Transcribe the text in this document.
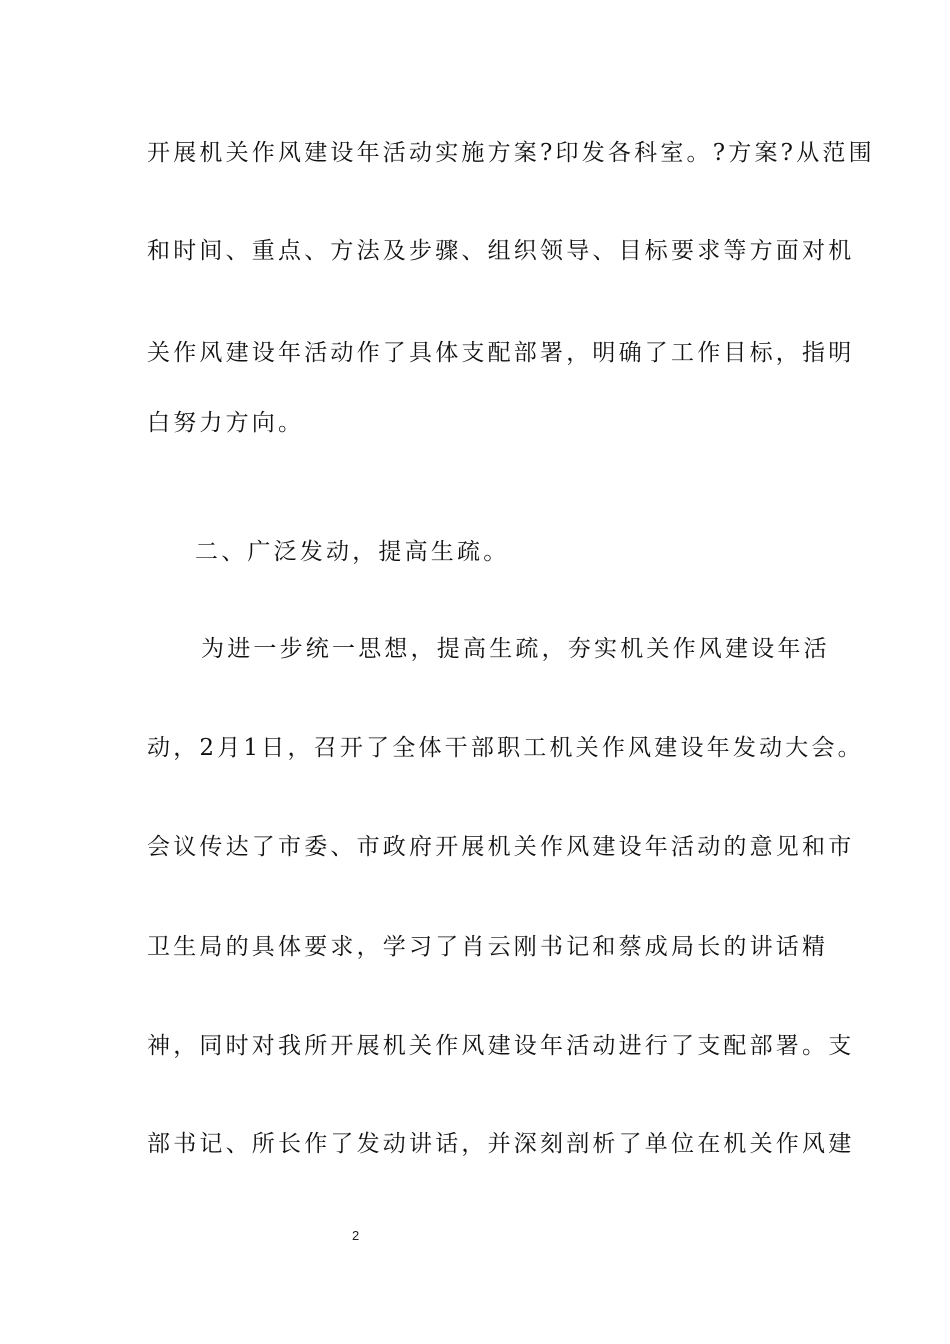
开展机关作风建设年活动实施方案?印发各科室。?方案?从范围
和时间、重点、方法及步骤、组织领导、目标要求等方面对机
关作风建设年活动作了具体支配部署，明确了工作目标，指明
白努力方向。
二、广泛发动，提高生疏。
为进一步统一思想，提高生疏，夯实机关作风建设年活
动，2月1日，召开了全体干部职工机关作风建设年发动大会。
会议传达了市委、市政府开展机关作风建设年活动的意见和市
卫生局的具体要求，学习了肖云刚书记和蔡成局长的讲话精
神，同时对我所开展机关作风建设年活动进行了支配部署。支
部书记、所长作了发动讲话，并深刻剖析了单位在机关作风建
2
